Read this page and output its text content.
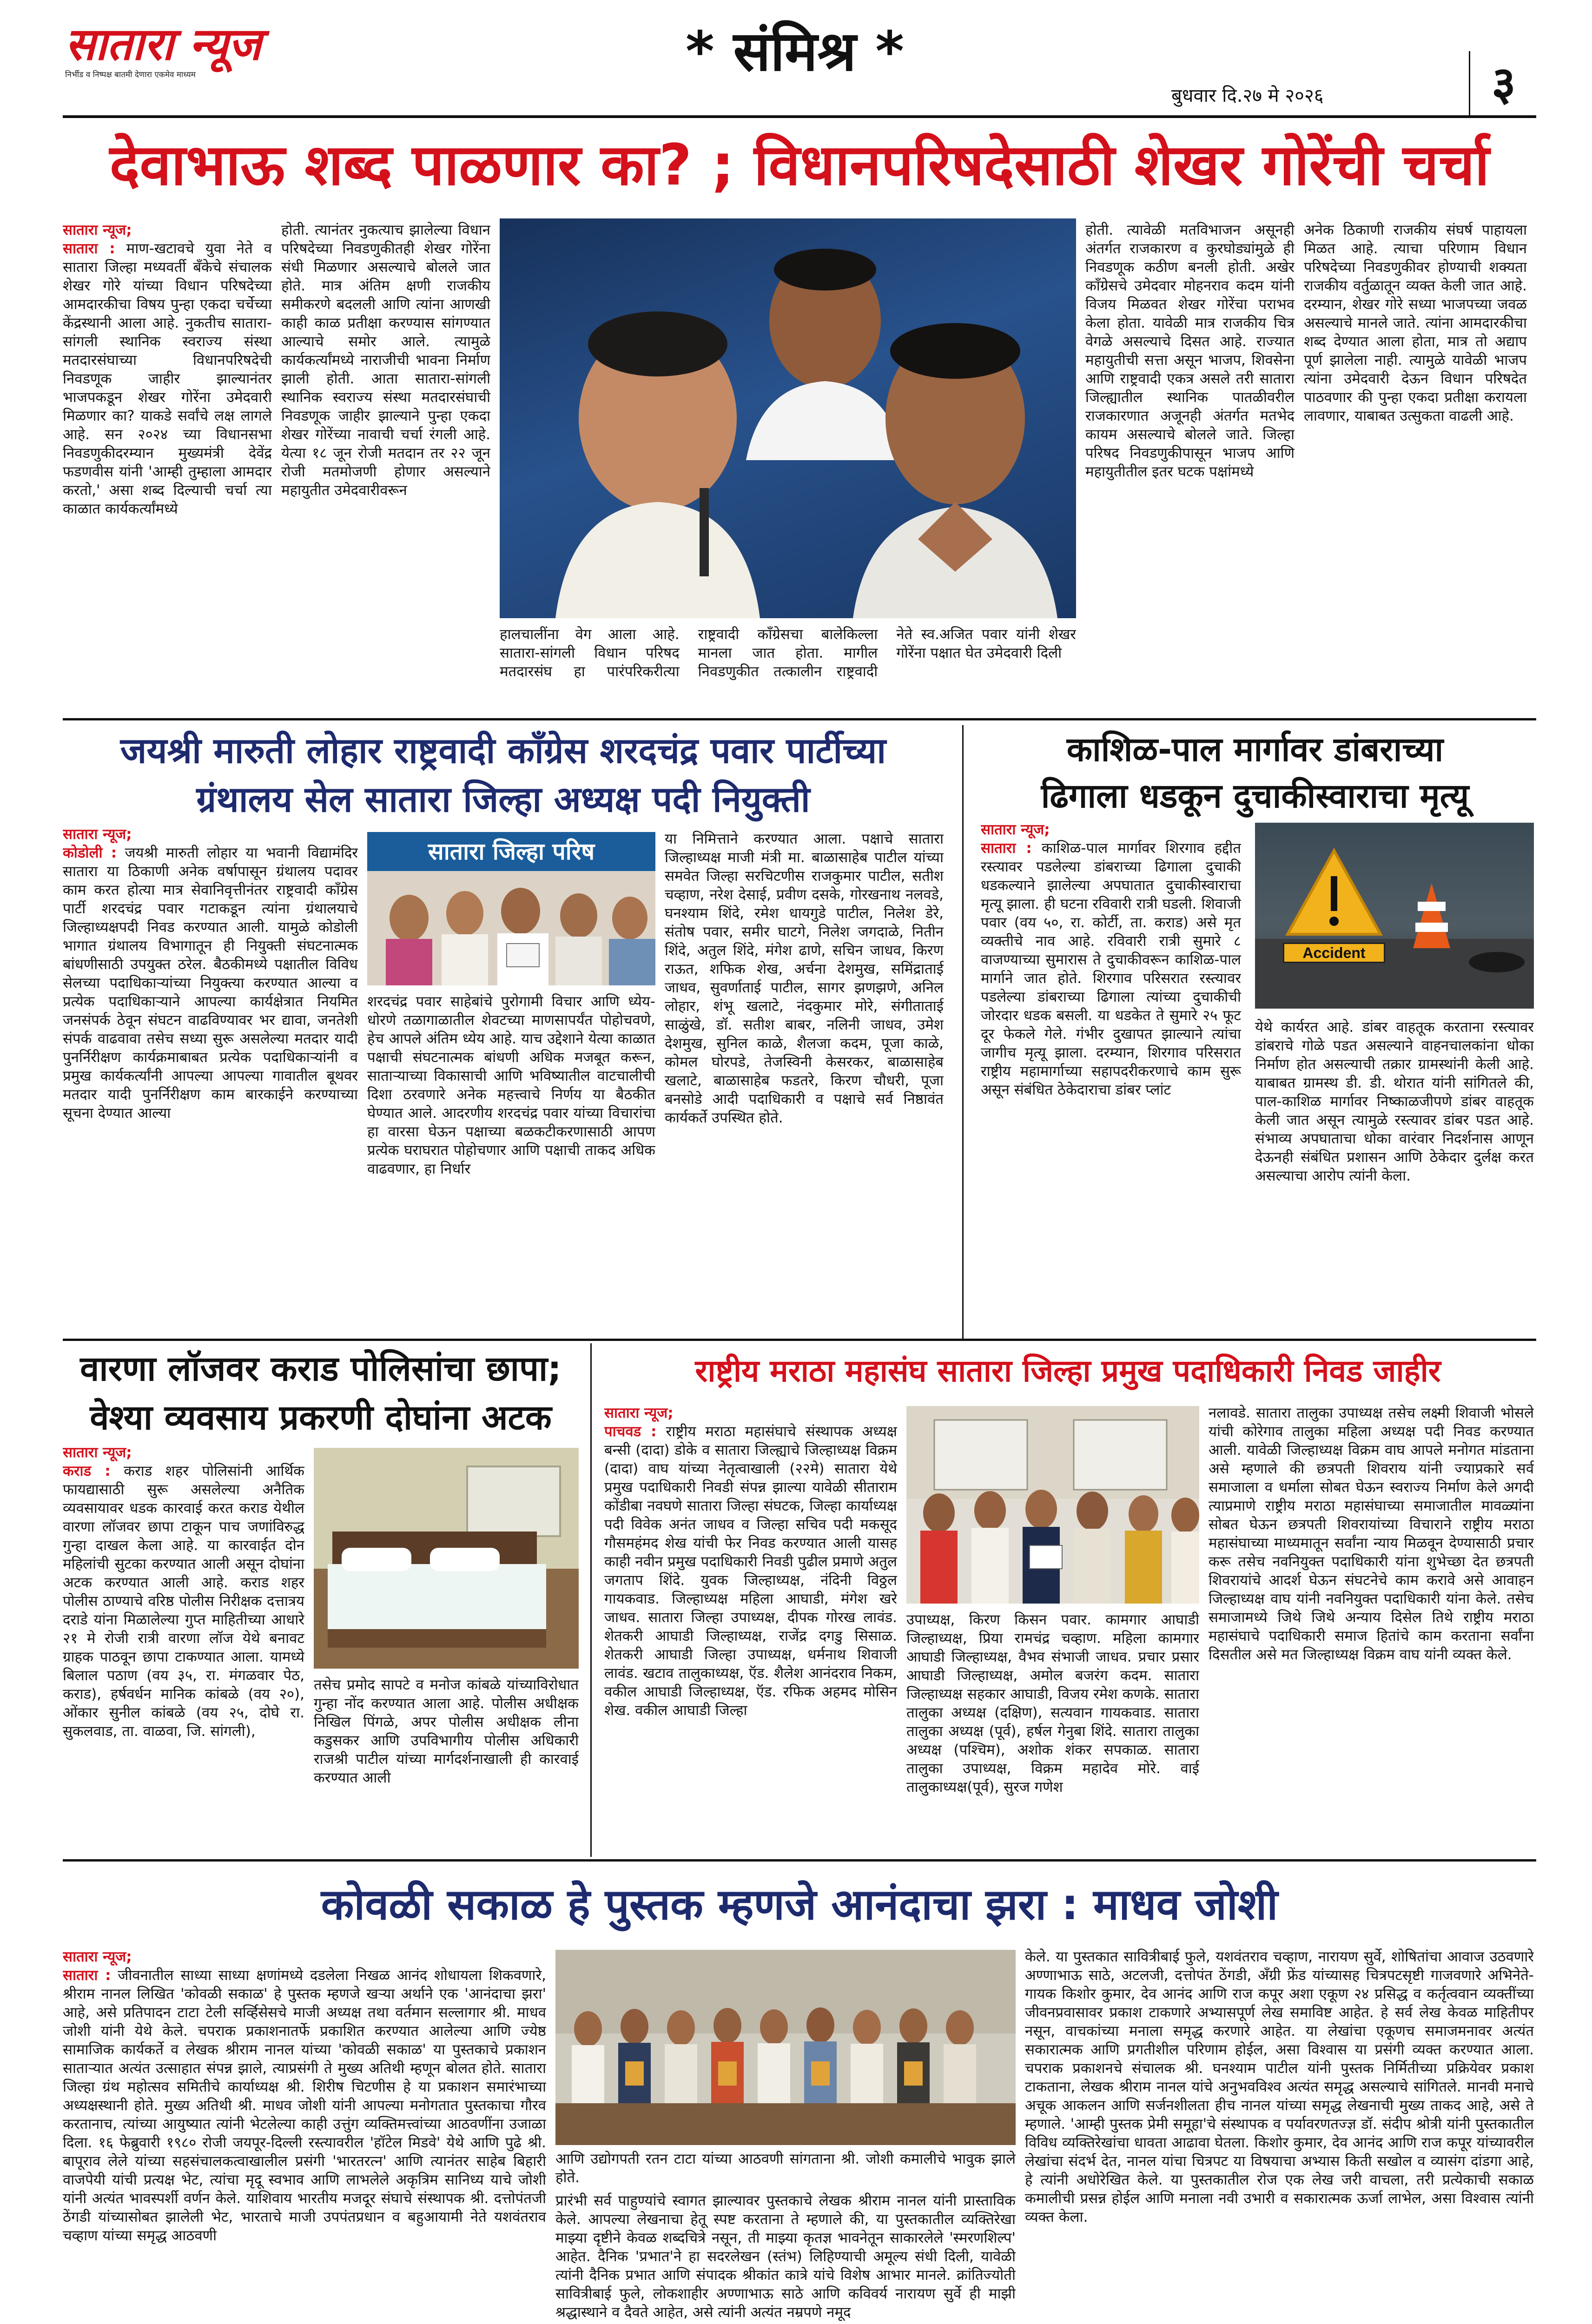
सातारा न्यूज
निर्भीड व निष्पक्ष बातमी देणारा एकमेव माध्यम	* संमिश्र *
बुधवार दि.२७ मे २०२६	३
देवाभाऊ शब्द पाळणार का? ; विधानपरिषदेसाठी शेखर गोरेंची चर्चा
सातारा न्यूज;
सातारा : माण-खटावचे युवा नेते व सातारा जिल्हा मध्यवर्ती बँकेचे संचालक शेखर गोरे यांच्या विधान परिषदेच्या आमदारकीचा विषय पुन्हा एकदा चर्चेच्या केंद्रस्थानी आला आहे. नुकतीच सातारा-सांगली स्थानिक स्वराज्य संस्था मतदारसंघाच्या विधानपरिषदेची निवडणूक जाहीर झाल्यानंतर भाजपकडून शेखर गोरेंना उमेदवारी मिळणार का? याकडे सर्वांचे लक्ष लागले आहे. सन २०२४ च्या विधानसभा निवडणुकीदरम्यान मुख्यमंत्री देवेंद्र फडणवीस यांनी 'आम्ही तुम्हाला आमदार करतो,' असा शब्द दिल्याची चर्चा त्या काळात कार्यकर्त्यांमध्ये
होती. त्यानंतर नुकत्याच झालेल्या विधान परिषदेच्या निवडणुकीतही शेखर गोरेंना संधी मिळणार असल्याचे बोलले जात होते. मात्र अंतिम क्षणी राजकीय समीकरणे बदलली आणि त्यांना आणखी काही काळ प्रतीक्षा करण्यास सांगण्यात आल्याचे समोर आले. त्यामुळे कार्यकर्त्यांमध्ये नाराजीची भावना निर्माण झाली होती. आता सातारा-सांगली स्थानिक स्वराज्य संस्था मतदारसंघाची निवडणूक जाहीर झाल्याने पुन्हा एकदा शेखर गोरेंच्या नावाची चर्चा रंगली आहे. येत्या १८ जून रोजी मतदान तर २२ जून रोजी मतमोजणी होणार असल्याने महायुतीत उमेदवारीवरून
हालचालींना वेग आला आहे. सातारा-सांगली विधान परिषद मतदारसंघ हा पारंपरिकरीत्या राष्ट्रवादी काँग्रेसचा बालेकिल्ला मानला जात होता. मागील निवडणुकीत तत्कालीन राष्ट्रवादी नेते स्व.अजित पवार यांनी शेखर गोरेंना पक्षात घेत उमेदवारी दिली
होती. त्यावेळी मतविभाजन असूनही अंतर्गत राजकारण व कुरघोड्यांमुळे ही निवडणूक कठीण बनली होती. अखेर काँग्रेसचे उमेदवार मोहनराव कदम यांनी विजय मिळवत शेखर गोरेंचा पराभव केला होता. यावेळी मात्र राजकीय चित्र वेगळे असल्याचे दिसत आहे. राज्यात महायुतीची सत्ता असून भाजप, शिवसेना आणि राष्ट्रवादी एकत्र असले तरी सातारा जिल्ह्यातील स्थानिक पातळीवरील राजकारणात अजूनही अंतर्गत मतभेद कायम असल्याचे बोलले जाते. जिल्हा परिषद निवडणुकीपासून भाजप आणि महायुतीतील इतर घटक पक्षांमध्ये
अनेक ठिकाणी राजकीय संघर्ष पाहायला मिळत आहे. त्याचा परिणाम विधान परिषदेच्या निवडणुकीवर होण्याची शक्यता राजकीय वर्तुळातून व्यक्त केली जात आहे. दरम्यान, शेखर गोरे सध्या भाजपच्या जवळ असल्याचे मानले जाते. त्यांना आमदारकीचा शब्द देण्यात आला होता, मात्र तो अद्याप पूर्ण झालेला नाही. त्यामुळे यावेळी भाजप त्यांना उमेदवारी देऊन विधान परिषदेत पाठवणार की पुन्हा एकदा प्रतीक्षा करायला लावणार, याबाबत उत्सुकता वाढली आहे.
जयश्री मारुती लोहार राष्ट्रवादी काँग्रेस शरदचंद्र पवार पार्टीच्या
ग्रंथालय सेल सातारा जिल्हा अध्यक्ष पदी नियुक्ती
सातारा न्यूज;
कोडोली : जयश्री मारुती लोहार या भवानी विद्यामंदिर सातारा या ठिकाणी अनेक वर्षापासून ग्रंथालय पदावर काम करत होत्या मात्र सेवानिवृत्तीनंतर राष्ट्रवादी काँग्रेस पार्टी शरदचंद्र पवार गटाकडून त्यांना ग्रंथालयाचे जिल्हाध्यक्षपदी निवड करण्यात आली. यामुळे कोडोली भागात ग्रंथालय विभागातून ही नियुक्ती संघटनात्मक बांधणीसाठी उपयुक्त ठरेल. बैठकीमध्ये पक्षातील विविध सेलच्या पदाधिकाऱ्यांच्या नियुक्त्या करण्यात आल्या व प्रत्येक पदाधिकाऱ्याने आपल्या कार्यक्षेत्रात नियमित जनसंपर्क ठेवून संघटन वाढविण्यावर भर द्यावा, जनतेशी संपर्क वाढवावा तसेच सध्या सुरू असलेल्या मतदार यादी पुनर्निरीक्षण कार्यक्रमाबाबत प्रत्येक पदाधिकाऱ्यांनी व प्रमुख कार्यकर्त्यांनी आपल्या आपल्या गावातील बूथवर मतदार यादी पुनर्निरीक्षण काम बारकाईने करण्याच्या सूचना देण्यात आल्या
सातारा जिल्हा परिष
शरदचंद्र पवार साहेबांचे पुरोगामी विचार आणि ध्येय-धोरणे तळागाळातील शेवटच्या माणसापर्यंत पोहोचवणे, हेच आपले अंतिम ध्येय आहे. याच उद्देशाने येत्या काळात पक्षाची संघटनात्मक बांधणी अधिक मजबूत करून, साताऱ्याच्या विकासाची आणि भविष्यातील वाटचालीची दिशा ठरवणारे अनेक महत्त्वाचे निर्णय या बैठकीत घेण्यात आले. आदरणीय शरदचंद्र पवार यांच्या विचारांचा हा वारसा घेऊन पक्षाच्या बळकटीकरणासाठी आपण प्रत्येक घराघरात पोहोचणार आणि पक्षाची ताकद अधिक वाढवणार, हा निर्धार
या निमित्ताने करण्यात आला. पक्षाचे सातारा जिल्हाध्यक्ष माजी मंत्री मा. बाळासाहेब पाटील यांच्या समवेत जिल्हा सरचिटणीस राजकुमार पाटील, सतीश चव्हाण, नरेश देसाई, प्रवीण दसके, गोरखनाथ नलवडे, घनश्याम शिंदे, रमेश धायगुडे पाटील, निलेश डेरे, संतोष पवार, समीर घाटगे, निलेश जगदाळे, नितीन शिंदे, अतुल शिंदे, मंगेश ढाणे, सचिन जाधव, किरण राऊत, शफिक शेख, अर्चना देशमुख, समिंद्राताई जाधव, सुवर्णाताई पाटील, सागर झणझणे, अनिल लोहार, शंभू खलाटे, नंदकुमार मोरे, संगीताताई साळुंखे, डॉ. सतीश बाबर, नलिनी जाधव, उमेश देशमुख, सुनिल काळे, शैलजा कदम, पूजा काळे, कोमल घोरपडे, तेजस्विनी केसरकर, बाळासाहेब खलाटे, बाळासाहेब फडतरे, किरण चौधरी, पूजा बनसोडे आदी पदाधिकारी व पक्षाचे सर्व निष्ठावंत कार्यकर्ते उपस्थित होते.
काशिळ-पाल मार्गावर डांबराच्या
ढिगाला धडकून दुचाकीस्वाराचा मृत्यू
सातारा न्यूज;
सातारा : काशिळ-पाल मार्गावर शिरगाव हद्दीत रस्त्यावर पडलेल्या डांबराच्या ढिगाला दुचाकी धडकल्याने झालेल्या अपघातात दुचाकीस्वाराचा मृत्यू झाला. ही घटना रविवारी रात्री घडली. शिवाजी पवार (वय ५०, रा. कोर्टी, ता. कराड) असे मृत व्यक्तीचे नाव आहे. रविवारी रात्री सुमारे ८ वाजण्याच्या सुमारास ते दुचाकीवरून काशिळ-पाल मार्गाने जात होते. शिरगाव परिसरात रस्त्यावर पडलेल्या डांबराच्या ढिगाला त्यांच्या दुचाकीची जोरदार धडक बसली. या धडकेत ते सुमारे २५ फूट दूर फेकले गेले. गंभीर दुखापत झाल्याने त्यांचा जागीच मृत्यू झाला. दरम्यान, शिरगाव परिसरात राष्ट्रीय महामार्गाच्या सहापदरीकरणाचे काम सुरू असून संबंधित ठेकेदाराचा डांबर प्लांट
Accident
येथे कार्यरत आहे. डांबर वाहतूक करताना रस्त्यावर डांबराचे गोळे पडत असल्याने वाहनचालकांना धोका निर्माण होत असल्याची तक्रार ग्रामस्थांनी केली आहे. याबाबत ग्रामस्थ डी. डी. थोरात यांनी सांगितले की, पाल-काशिळ मार्गावर निष्काळजीपणे डांबर वाहतूक केली जात असून त्यामुळे रस्त्यावर डांबर पडत आहे. संभाव्य अपघाताचा धोका वारंवार निदर्शनास आणून देऊनही संबंधित प्रशासन आणि ठेकेदार दुर्लक्ष करत असल्याचा आरोप त्यांनी केला.
वारणा लॉजवर कराड पोलिसांचा छापा;
वेश्या व्यवसाय प्रकरणी दोघांना अटक
सातारा न्यूज;
कराड : कराड शहर पोलिसांनी आर्थिक फायद्यासाठी सुरू असलेल्या अनैतिक व्यवसायावर धडक कारवाई करत कराड येथील वारणा लॉजवर छापा टाकून पाच जणांविरुद्ध गुन्हा दाखल केला आहे. या कारवाईत दोन महिलांची सुटका करण्यात आली असून दोघांना अटक करण्यात आली आहे. कराड शहर पोलीस ठाण्याचे वरिष्ठ पोलीस निरीक्षक दत्तात्रय दराडे यांना मिळालेल्या गुप्त माहितीच्या आधारे २१ मे रोजी रात्री वारणा लॉज येथे बनावट ग्राहक पाठवून छापा टाकण्यात आला. यामध्ये बिलाल पठाण (वय ३५, रा. मंगळवार पेठ, कराड), हर्षवर्धन मानिक कांबळे (वय २०), ओंकार सुनील कांबळे (वय २५, दोघे रा. सुकलवाड, ता. वाळवा, जि. सांगली),
तसेच प्रमोद सापटे व मनोज कांबळे यांच्याविरोधात गुन्हा नोंद करण्यात आला आहे. पोलीस अधीक्षक निखिल पिंगळे, अपर पोलीस अधीक्षक लीना कडुसकर आणि उपविभागीय पोलीस अधिकारी राजश्री पाटील यांच्या मार्गदर्शनाखाली ही कारवाई करण्यात आली
राष्ट्रीय मराठा महासंघ सातारा जिल्हा प्रमुख पदाधिकारी निवड जाहीर
सातारा न्यूज;
पाचवड : राष्ट्रीय मराठा महासंघाचे संस्थापक अध्यक्ष बन्सी (दादा) डोके व सातारा जिल्ह्याचे जिल्हाध्यक्ष विक्रम (दादा) वाघ यांच्या नेतृत्वाखाली (२२मे) सातारा येथे प्रमुख पदाधिकारी निवडी संपन्न झाल्या यावेळी सीताराम कोंडीबा नवघणे सातारा जिल्हा संघटक, जिल्हा कार्याध्यक्ष पदी विवेक अनंत जाधव व जिल्हा सचिव पदी मकसूद गौसमहंमद शेख यांची फेर निवड करण्यात आली यासह काही नवीन प्रमुख पदाधिकारी निवडी पुढील प्रमाणे अतुल जगताप शिंदे. युवक जिल्हाध्यक्ष, नंदिनी विठ्ठल गायकवाड. जिल्हाध्यक्ष महिला आघाडी, मंगेश खरे जाधव. सातारा जिल्हा उपाध्यक्ष, दीपक गोरख लावंड. शेतकरी आघाडी जिल्हाध्यक्ष, राजेंद्र दगडु सिसाळ. शेतकरी आघाडी जिल्हा उपाध्यक्ष, धर्मनाथ शिवाजी लावंड. खटाव तालुकाध्यक्ष, ऍड. शैलेश आनंदराव निकम, वकील आघाडी जिल्हाध्यक्ष, ऍड. रफिक अहमद मोसिन शेख. वकील आघाडी जिल्हा
उपाध्यक्ष, किरण किसन पवार. कामगार आघाडी जिल्हाध्यक्ष, प्रिया रामचंद्र चव्हाण. महिला कामगार आघाडी जिल्हाध्यक्ष, वैभव संभाजी जाधव. प्रचार प्रसार आघाडी जिल्हाध्यक्ष, अमोल बजरंग कदम. सातारा जिल्हाध्यक्ष सहकार आघाडी, विजय रमेश कणके. सातारा तालुका अध्यक्ष (दक्षिण), सत्यवान गायकवाड. सातारा तालुका अध्यक्ष (पूर्व), हर्षल गेनुबा शिंदे. सातारा तालुका अध्यक्ष (पश्चिम), अशोक शंकर सपकाळ. सातारा तालुका उपाध्यक्ष, विक्रम महादेव मोरे. वाई तालुकाध्यक्ष(पूर्व), सुरज गणेश
नलावडे. सातारा तालुका उपाध्यक्ष तसेच लक्ष्मी शिवाजी भोसले यांची कोरेगाव तालुका महिला अध्यक्ष पदी निवड करण्यात आली. यावेळी जिल्हाध्यक्ष विक्रम वाघ आपले मनोगत मांडताना असे म्हणाले की छत्रपती शिवराय यांनी ज्याप्रकारे सर्व समाजाला व धर्माला सोबत घेऊन स्वराज्य निर्माण केले अगदी त्याप्रमाणे राष्ट्रीय मराठा महासंघाच्या समाजातील मावळ्यांना सोबत घेऊन छत्रपती शिवरायांच्या विचाराने राष्ट्रीय मराठा महासंघाच्या माध्यमातून सर्वांना न्याय मिळवून देण्यासाठी प्रचार करू तसेच नवनियुक्त पदाधिकारी यांना शुभेच्छा देत छत्रपती शिवरायांचे आदर्श घेऊन संघटनेचे काम करावे असे आवाहन जिल्हाध्यक्ष वाघ यांनी नवनियुक्त पदाधिकारी यांना केले. तसेच समाजामध्ये जिथे जिथे अन्याय दिसेल तिथे राष्ट्रीय मराठा महासंघाचे पदाधिकारी समाज हितांचे काम करताना सर्वांना दिसतील असे मत जिल्हाध्यक्ष विक्रम वाघ यांनी व्यक्त केले.
कोवळी सकाळ हे पुस्तक म्हणजे आनंदाचा झरा : माधव जोशी
सातारा न्यूज;
सातारा : जीवनातील साध्या साध्या क्षणांमध्ये दडलेला निखळ आनंद शोधायला शिकवणारे, श्रीराम नानल लिखित 'कोवळी सकाळ' हे पुस्तक म्हणजे खऱ्या अर्थाने एक 'आनंदाचा झरा' आहे, असे प्रतिपादन टाटा टेली सर्व्हिसेसचे माजी अध्यक्ष तथा वर्तमान सल्लागार श्री. माधव जोशी यांनी येथे केले. चपराक प्रकाशनातर्फे प्रकाशित करण्यात आलेल्या आणि ज्येष्ठ सामाजिक कार्यकर्ते व लेखक श्रीराम नानल यांच्या 'कोवळी सकाळ' या पुस्तकाचे प्रकाशन साताऱ्यात अत्यंत उत्साहात संपन्न झाले, त्याप्रसंगी ते मुख्य अतिथी म्हणून बोलत होते. सातारा जिल्हा ग्रंथ महोत्सव समितीचे कार्याध्यक्ष श्री. शिरीष चिटणीस हे या प्रकाशन समारंभाच्या अध्यक्षस्थानी होते. मुख्य अतिथी श्री. माधव जोशी यांनी आपल्या मनोगतात पुस्तकाचा गौरव करतानाच, त्यांच्या आयुष्यात त्यांनी भेटलेल्या काही उत्तुंग व्यक्तिमत्त्वांच्या आठवणींना उजाळा दिला. १६ फेब्रुवारी १९८० रोजी जयपूर-दिल्ली रस्त्यावरील 'हॉटेल मिडवे' येथे आणि पुढे श्री. बापूराव लेले यांच्या सहसंचालकत्वाखालील प्रसंगी 'भारतरत्न' आणि त्यानंतर साहेब बिहारी वाजपेयी यांची प्रत्यक्ष भेट, त्यांचा मृदू स्वभाव आणि लाभलेले अकृत्रिम सानिध्य याचे जोशी यांनी अत्यंत भावस्पर्शी वर्णन केले. याशिवाय भारतीय मजदूर संघाचे संस्थापक श्री. दत्तोपंतजी ठेंगडी यांच्यासोबत झालेली भेट, भारताचे माजी उपपंतप्रधान व बहुआयामी नेते यशवंतराव चव्हाण यांच्या समृद्ध आठवणी
आणि उद्योगपती रतन टाटा यांच्या आठवणी सांगताना श्री. जोशी कमालीचे भावुक झाले होते.
प्रारंभी सर्व पाहुण्यांचे स्वागत झाल्यावर पुस्तकाचे लेखक श्रीराम नानल यांनी प्रास्ताविक केले. आपल्या लेखनाचा हेतू स्पष्ट करताना ते म्हणाले की, या पुस्तकातील व्यक्तिरेखा माझ्या दृष्टीने केवळ शब्दचित्रे नसून, ती माझ्या कृतज्ञ भावनेतून साकारलेले 'स्मरणशिल्प' आहेत. दैनिक 'प्रभात'ने हा सदरलेखन (स्तंभ) लिहिण्याची अमूल्य संधी दिली, यावेळी त्यांनी दैनिक प्रभात आणि संपादक श्रीकांत कात्रे यांचे विशेष आभार मानले. क्रांतिज्योती सावित्रीबाई फुले, लोकशाहीर अण्णाभाऊ साठे आणि कविवर्य नारायण सुर्वे ही माझी श्रद्धास्थाने व दैवते आहेत, असे त्यांनी अत्यंत नम्रपणे नमूद
केले. या पुस्तकात सावित्रीबाई फुले, यशवंतराव चव्हाण, नारायण सुर्वे, शोषितांचा आवाज उठवणारे अण्णाभाऊ साठे, अटलजी, दत्तोपंत ठेंगडी, अँग्री फ्रेंड यांच्यासह चित्रपटसृष्टी गाजवणारे अभिनेते-गायक किशोर कुमार, देव आनंद आणि राज कपूर अशा एकूण २४ प्रसिद्ध व कर्तृत्ववान व्यक्तींच्या जीवनप्रवासावर प्रकाश टाकणारे अभ्यासपूर्ण लेख समाविष्ट आहेत. हे सर्व लेख केवळ माहितीपर नसून, वाचकांच्या मनाला समृद्ध करणारे आहेत. या लेखांचा एकूणच समाजमनावर अत्यंत सकारात्मक आणि प्रगतीशील परिणाम होईल, असा विश्वास या प्रसंगी व्यक्त करण्यात आला. चपराक प्रकाशनचे संचालक श्री. घनश्याम पाटील यांनी पुस्तक निर्मितीच्या प्रक्रियेवर प्रकाश टाकताना, लेखक श्रीराम नानल यांचे अनुभवविश्व अत्यंत समृद्ध असल्याचे सांगितले. मानवी मनाचे अचूक आकलन आणि सर्जनशीलता हीच नानल यांच्या समृद्ध लेखनाची मुख्य ताकद आहे, असे ते म्हणाले. 'आम्ही पुस्तक प्रेमी समूहा'चे संस्थापक व पर्यावरणतज्ज्ञ डॉ. संदीप श्रोत्री यांनी पुस्तकातील विविध व्यक्तिरेखांचा धावता आढावा घेतला. किशोर कुमार, देव आनंद आणि राज कपूर यांच्यावरील लेखांचा संदर्भ देत, नानल यांचा चित्रपट या विषयाचा अभ्यास किती सखोल व व्यासंग दांडगा आहे, हे त्यांनी अधोरेखित केले. या पुस्तकातील रोज एक लेख जरी वाचला, तरी प्रत्येकाची सकाळ कमालीची प्रसन्न होईल आणि मनाला नवी उभारी व सकारात्मक ऊर्जा लाभेल, असा विश्वास त्यांनी व्यक्त केला.
